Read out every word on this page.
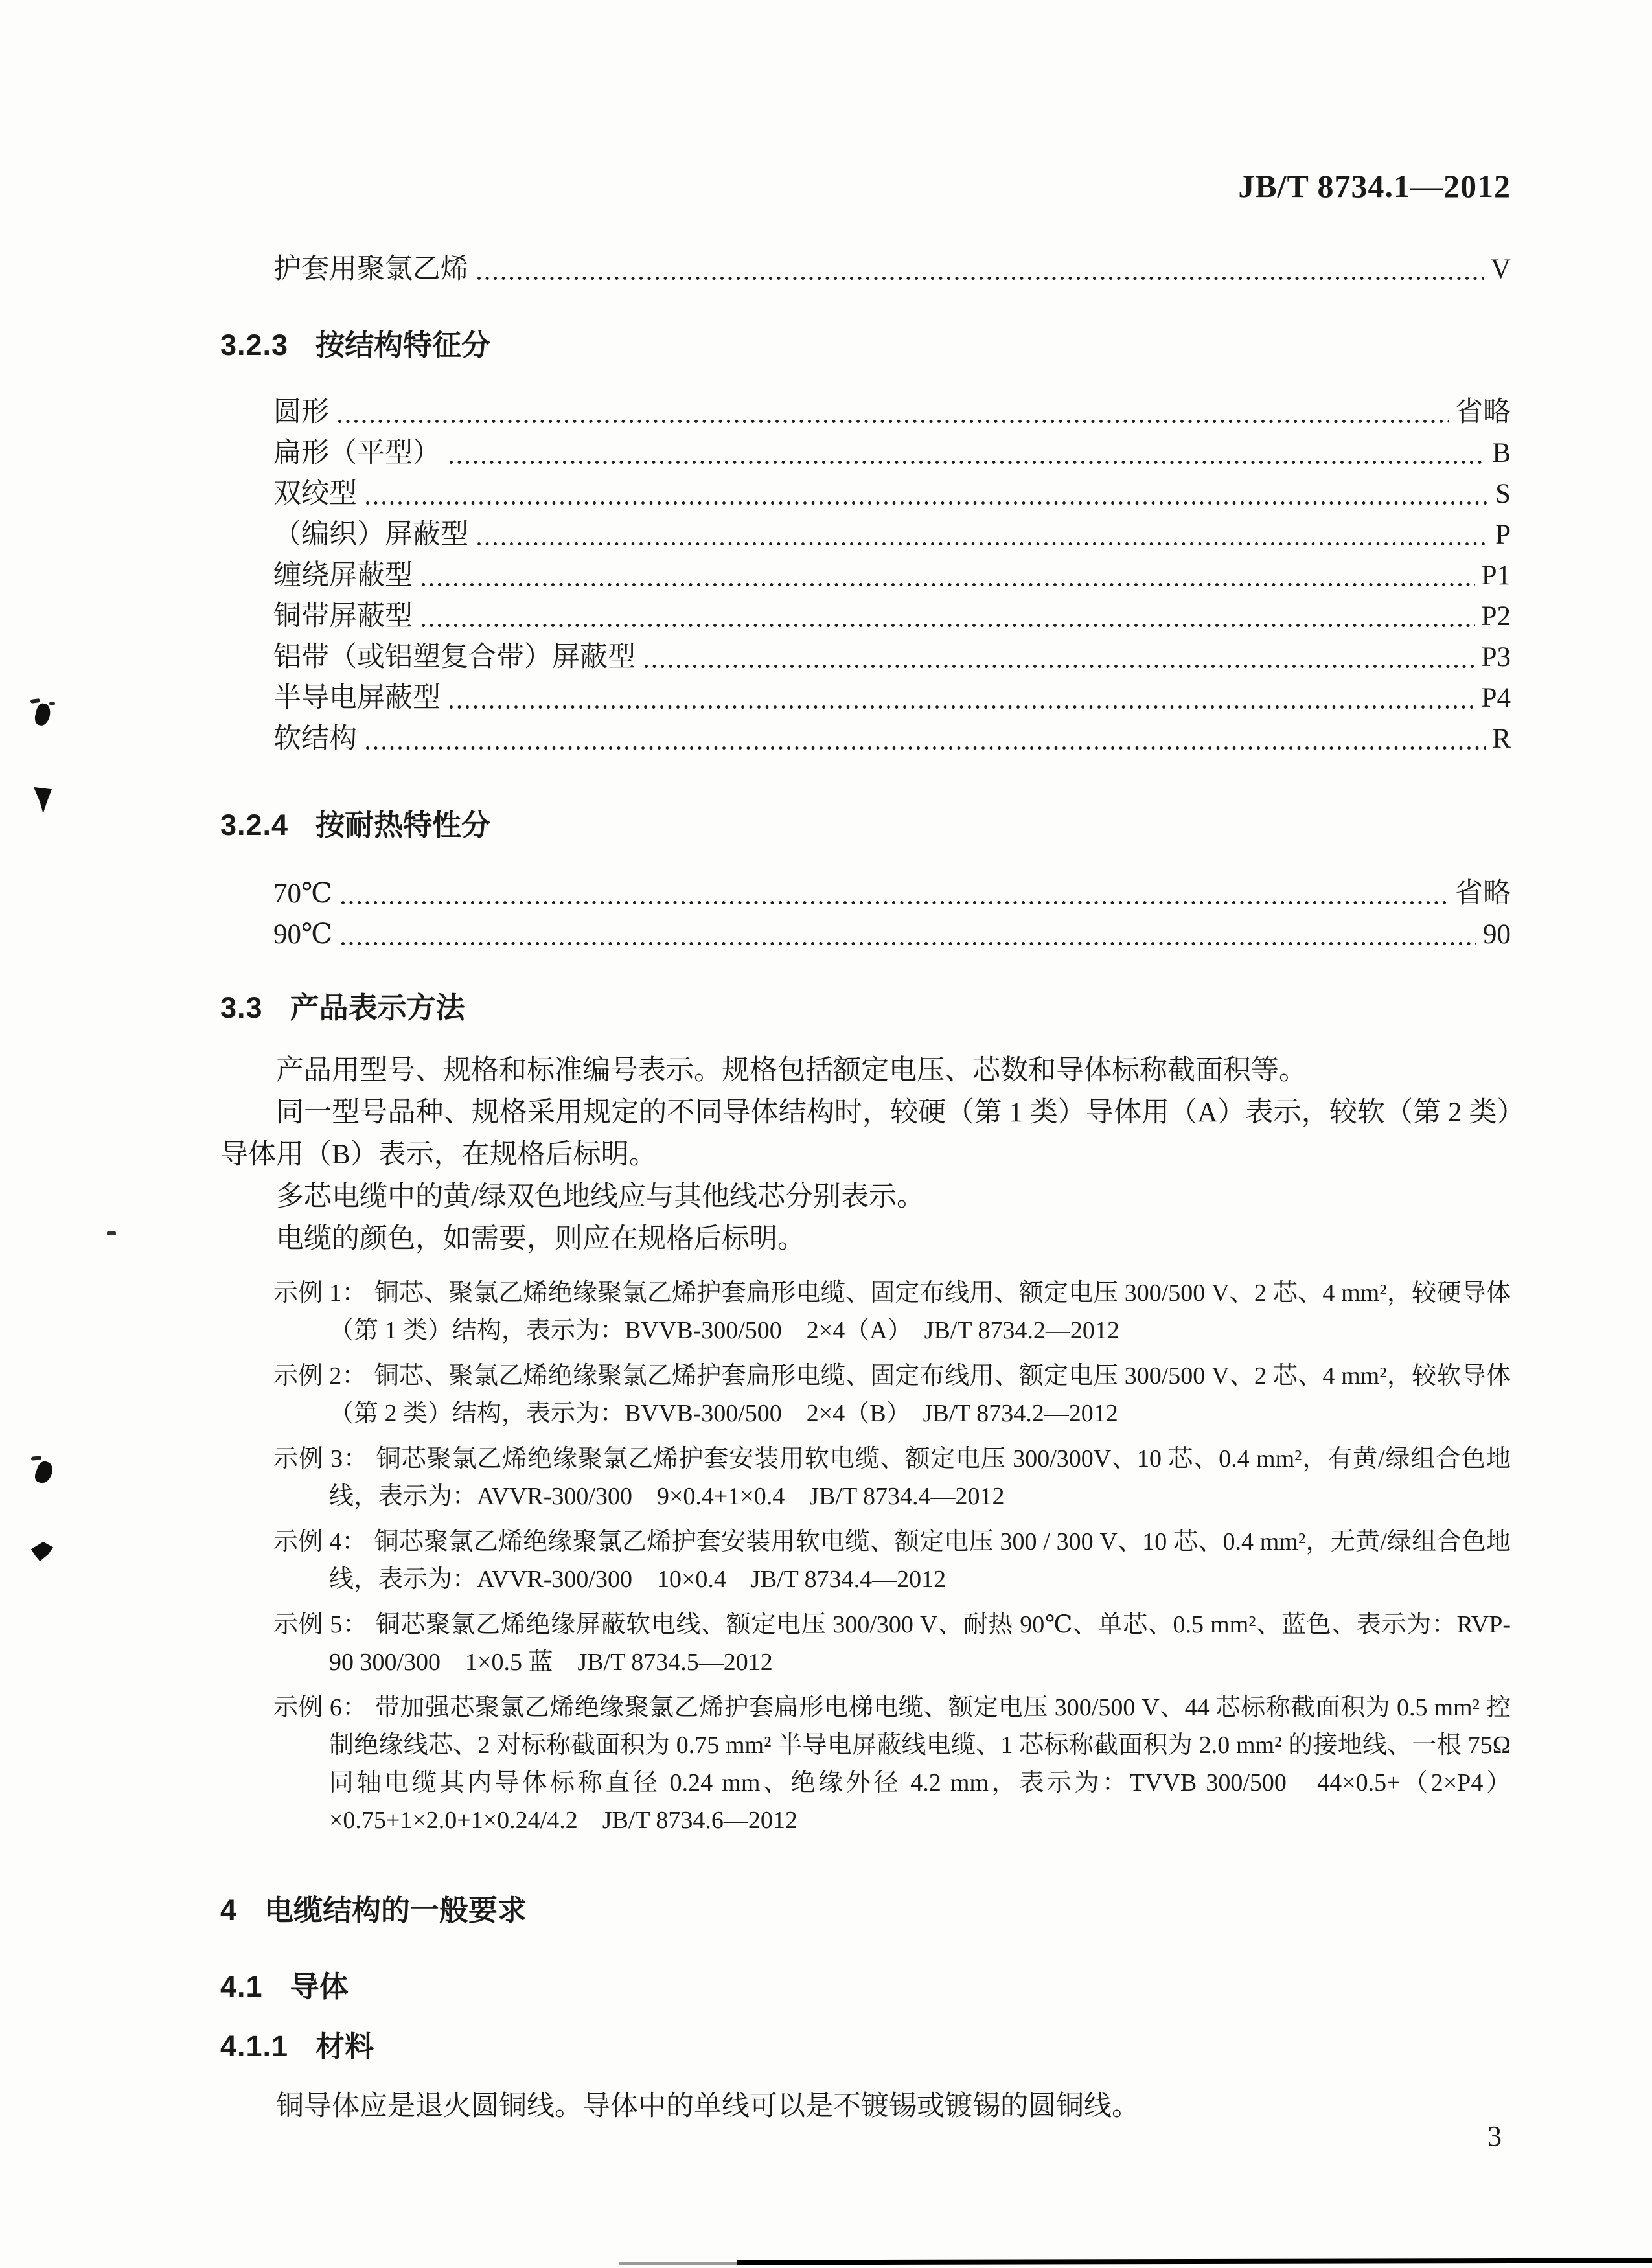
JB/T 8734.1—2012
护套用聚氯乙烯	V
3.2.3 按结构特征分
圆形	省略
扁形（平型）	B
双绞型	S
（编织）屏蔽型	P
缠绕屏蔽型	P1
铜带屏蔽型	P2
铝带（或铝塑复合带）屏蔽型	P3
半导电屏蔽型	P4
软结构	R
3.2.4 按耐热特性分
70℃	省略
90℃	90
3.3 产品表示方法

产品用型号、规格和标准编号表示。规格包括额定电压、芯数和导体标称截面积等。

同一型号品种、规格采用规定的不同导体结构时，较硬（第 1 类）导体用（A）表示，较软（第 2 类）导体用（B）表示，在规格后标明。

多芯电缆中的黄/绿双色地线应与其他线芯分别表示。

电缆的颜色，如需要，则应在规格后标明。

示例 1： 铜芯、聚氯乙烯绝缘聚氯乙烯护套扁形电缆、固定布线用、额定电压 300/500 V、2 芯、4 mm²，较硬导体（第 1 类）结构，表示为：BVVB-300/500　2×4（A）　JB/T 8734.2—2012
示例 2： 铜芯、聚氯乙烯绝缘聚氯乙烯护套扁形电缆、固定布线用、额定电压 300/500 V、2 芯、4 mm²，较软导体（第 2 类）结构，表示为：BVVB-300/500　2×4（B）　JB/T 8734.2—2012
示例 3： 铜芯聚氯乙烯绝缘聚氯乙烯护套安装用软电缆、额定电压 300/300V、10 芯、0.4 mm²，有黄/绿组合色地线，表示为：AVVR-300/300　9×0.4+1×0.4　JB/T 8734.4—2012
示例 4： 铜芯聚氯乙烯绝缘聚氯乙烯护套安装用软电缆、额定电压 300 / 300 V、10 芯、0.4 mm²，无黄/绿组合色地线，表示为：AVVR-300/300　10×0.4　JB/T 8734.4—2012
示例 5： 铜芯聚氯乙烯绝缘屏蔽软电线、额定电压 300/300 V、耐热 90℃、单芯、0.5 mm²、蓝色、表示为：RVP-90 300/300　1×0.5 蓝　JB/T 8734.5—2012
示例 6： 带加强芯聚氯乙烯绝缘聚氯乙烯护套扁形电梯电缆、额定电压 300/500 V、44 芯标称截面积为 0.5 mm² 控制绝缘线芯、2 对标称截面积为 0.75 mm² 半导电屏蔽线电缆、1 芯标称截面积为 2.0 mm² 的接地线、一根 75Ω 同轴电缆其内导体标称直径 0.24 mm、绝缘外径 4.2 mm，表示为：TVVB 300/500　44×0.5+（2×P4）×0.75+1×2.0+1×0.24/4.2　JB/T 8734.6—2012
4 电缆结构的一般要求
4.1 导体
4.1.1 材料

铜导体应是退火圆铜线。导体中的单线可以是不镀锡或镀锡的圆铜线。

3
